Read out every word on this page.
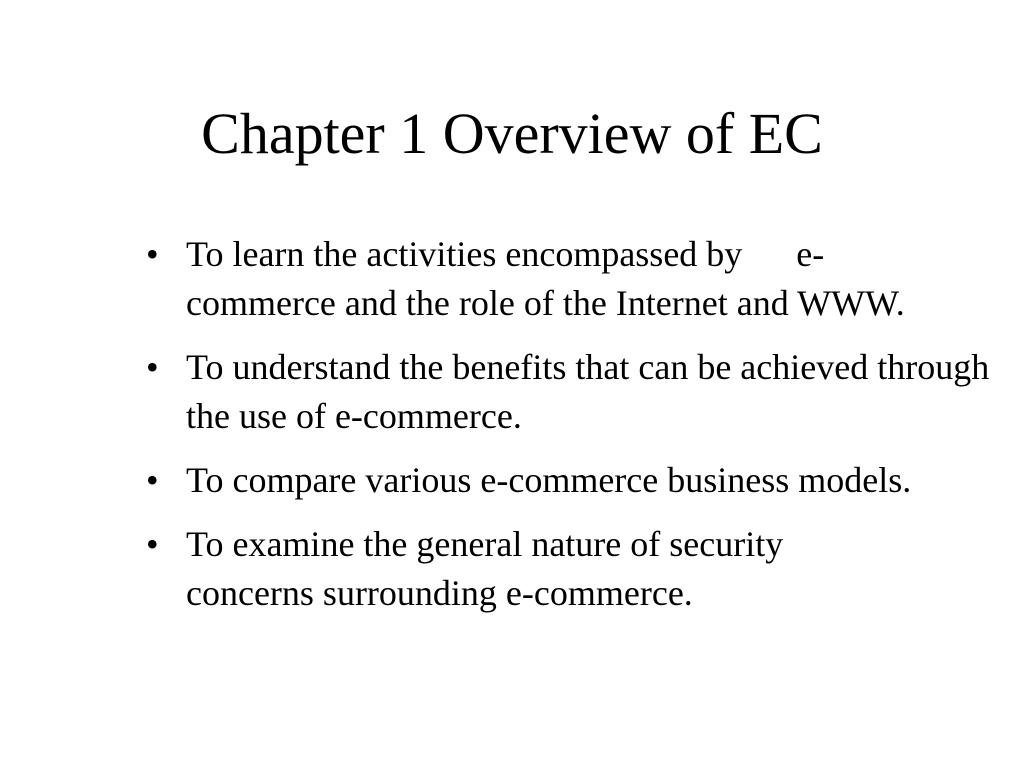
Chapter 1 Overview of EC
• To learn the activities encompassed by      e-commerce and the role of the Internet and WWW.
• To understand the benefits that can be achieved through the use of e-commerce.
• To compare various e-commerce business models.
• To examine the general nature of security concerns surrounding e-commerce.
